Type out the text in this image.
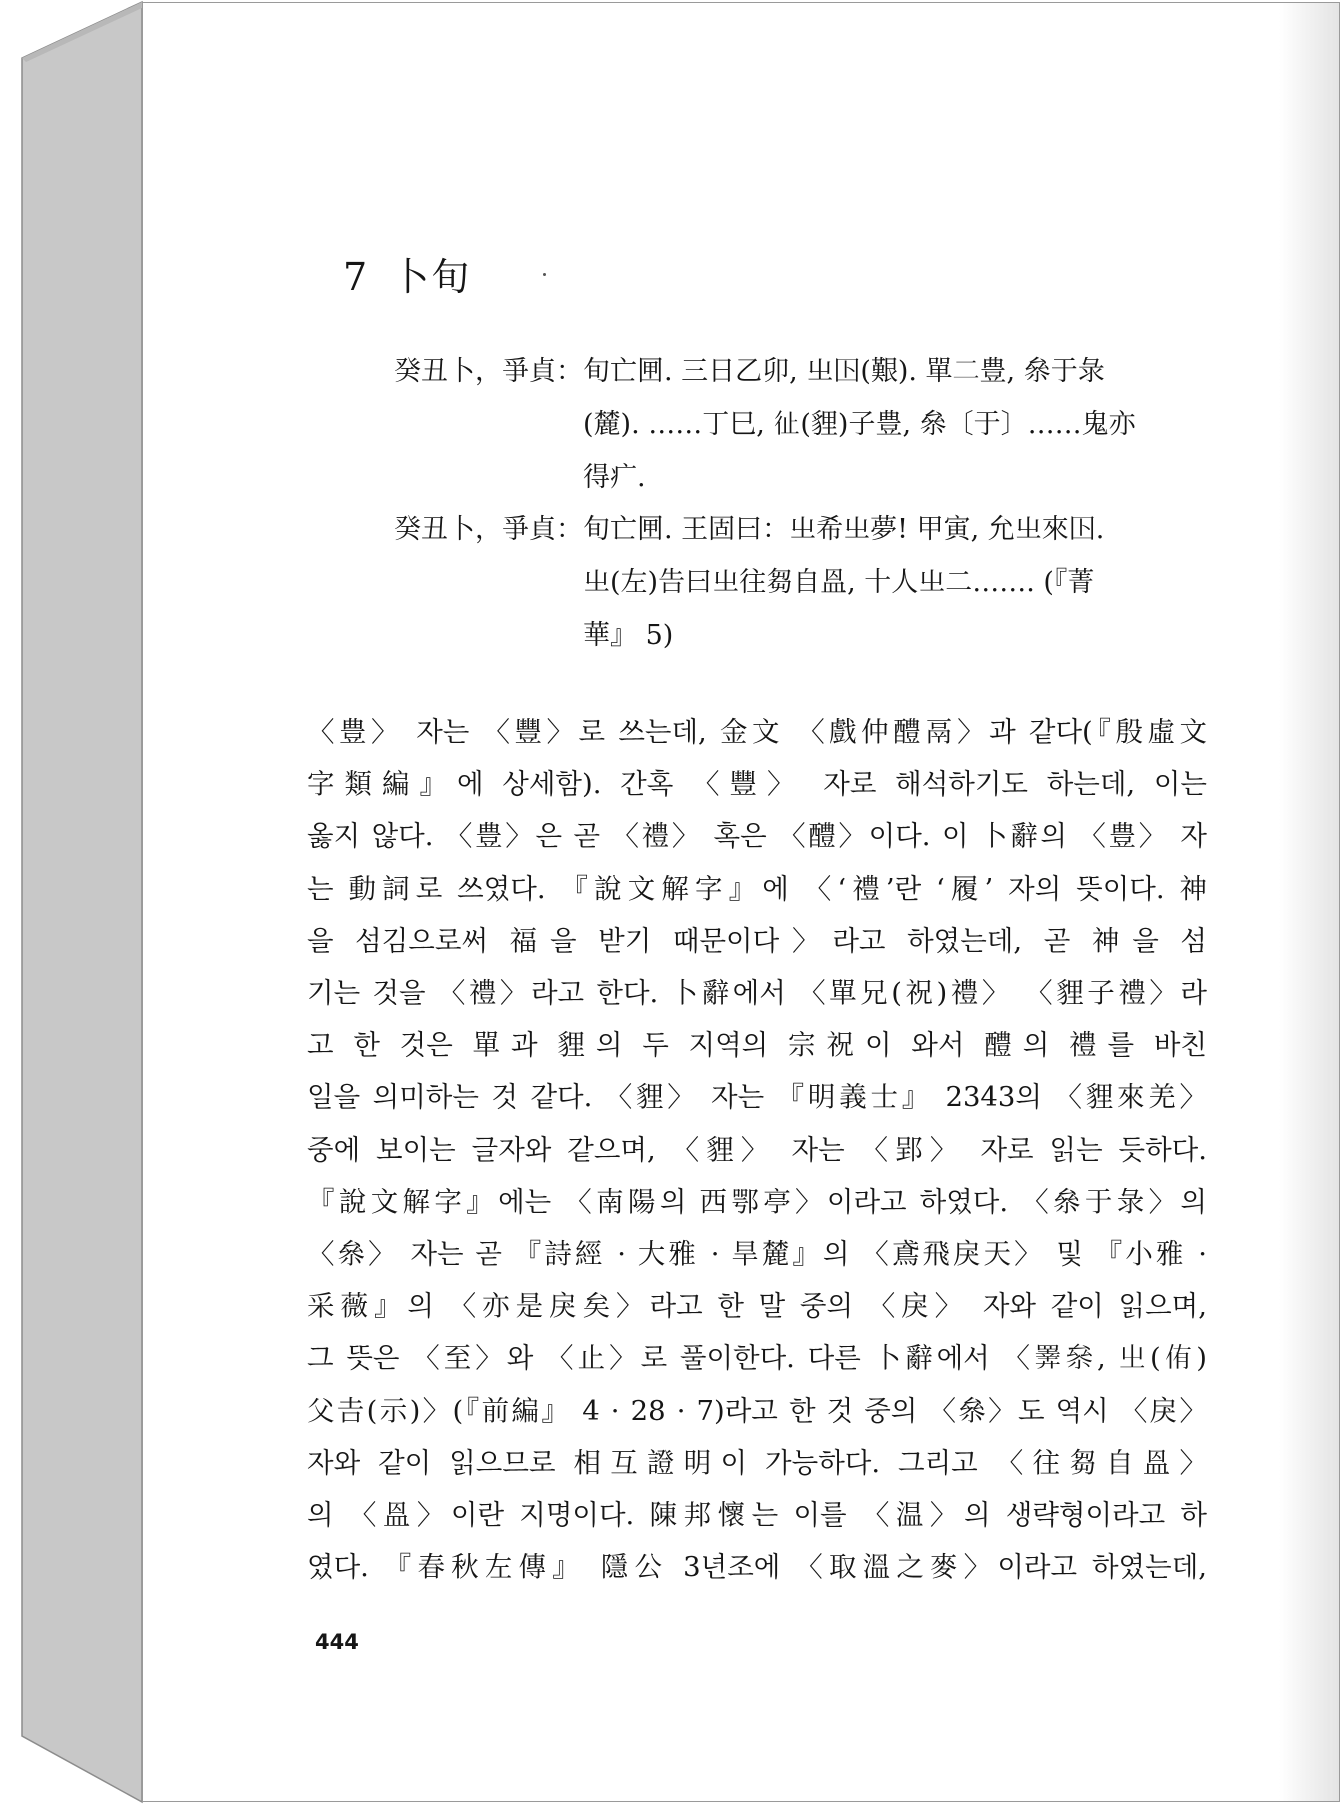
7 卜旬
癸丑卜，爭貞： 旬亡㘡. 三日乙卯, 㞢𡆥(艱). 單𠄞豊, 㕘于彔
(麓). ……丁巳, 𢓊(貍)子豊, 㕘〔于〕……鬼亦
得疒.
癸丑卜，爭貞： 旬亡㘡. 王固曰：㞢希㞢夢! 甲寅, 允㞢來𡆥.
㞢(左)告曰㞢往芻自𥁕, 十人㞢二……. (『菁
華』 5)
〈豊〉 자는 〈豐〉로 쓰는데, 金文 〈戲仲醴鬲〉과 같다(『殷虛文
字類編』에 상세함). 간혹 〈豐〉 자로 해석하기도 하는데, 이는
옳지 않다. 〈豊〉은 곧 〈禮〉 혹은 〈醴〉이다. 이 卜辭의 〈豊〉 자
는 動詞로 쓰였다. 『說文解字』에 〈‘禮’란 ‘履’ 자의 뜻이다. 神
을 섬김으로써 福을 받기 때문이다〉라고 하였는데, 곧 神을 섬
기는 것을 〈禮〉라고 한다. 卜辭에서 〈單兄(祝)禮〉 〈貍子禮〉라
고 한 것은 單과 貍의 두 지역의 宗祝이 와서 醴의 禮를 바친
일을 의미하는 것 같다. 〈貍〉 자는 『明義士』 2343의 〈貍來羌〉
중에 보이는 글자와 같으며, 〈貍〉 자는 〈郢〉 자로 읽는 듯하다.
『說文解字』에는 〈南陽의 西鄂亭〉이라고 하였다. 〈㕘于彔〉의
〈㕘〉 자는 곧 『詩經 · 大雅 · 旱麓』의 〈鳶飛戾天〉 및 『小雅 ·
采薇』의 〈亦是戾矣〉라고 한 말 중의 〈戾〉 자와 같이 읽으며,
그 뜻은 〈至〉와 〈止〉로 풀이한다. 다른 卜辭에서 〈𢍰㕘, 㞢(侑)
父𠮷(示)〉(『前編』 4 · 28 · 7)라고 한 것 중의 〈㕘〉도 역시 〈戾〉
자와 같이 읽으므로 相互證明이 가능하다. 그리고 〈往芻自𥁕〉
의 〈𥁕〉이란 지명이다. 陳邦懷는 이를 〈温〉의 생략형이라고 하
였다. 『春秋左傳』 隱公 3년조에 〈取溫之麥〉이라고 하였는데,
444
